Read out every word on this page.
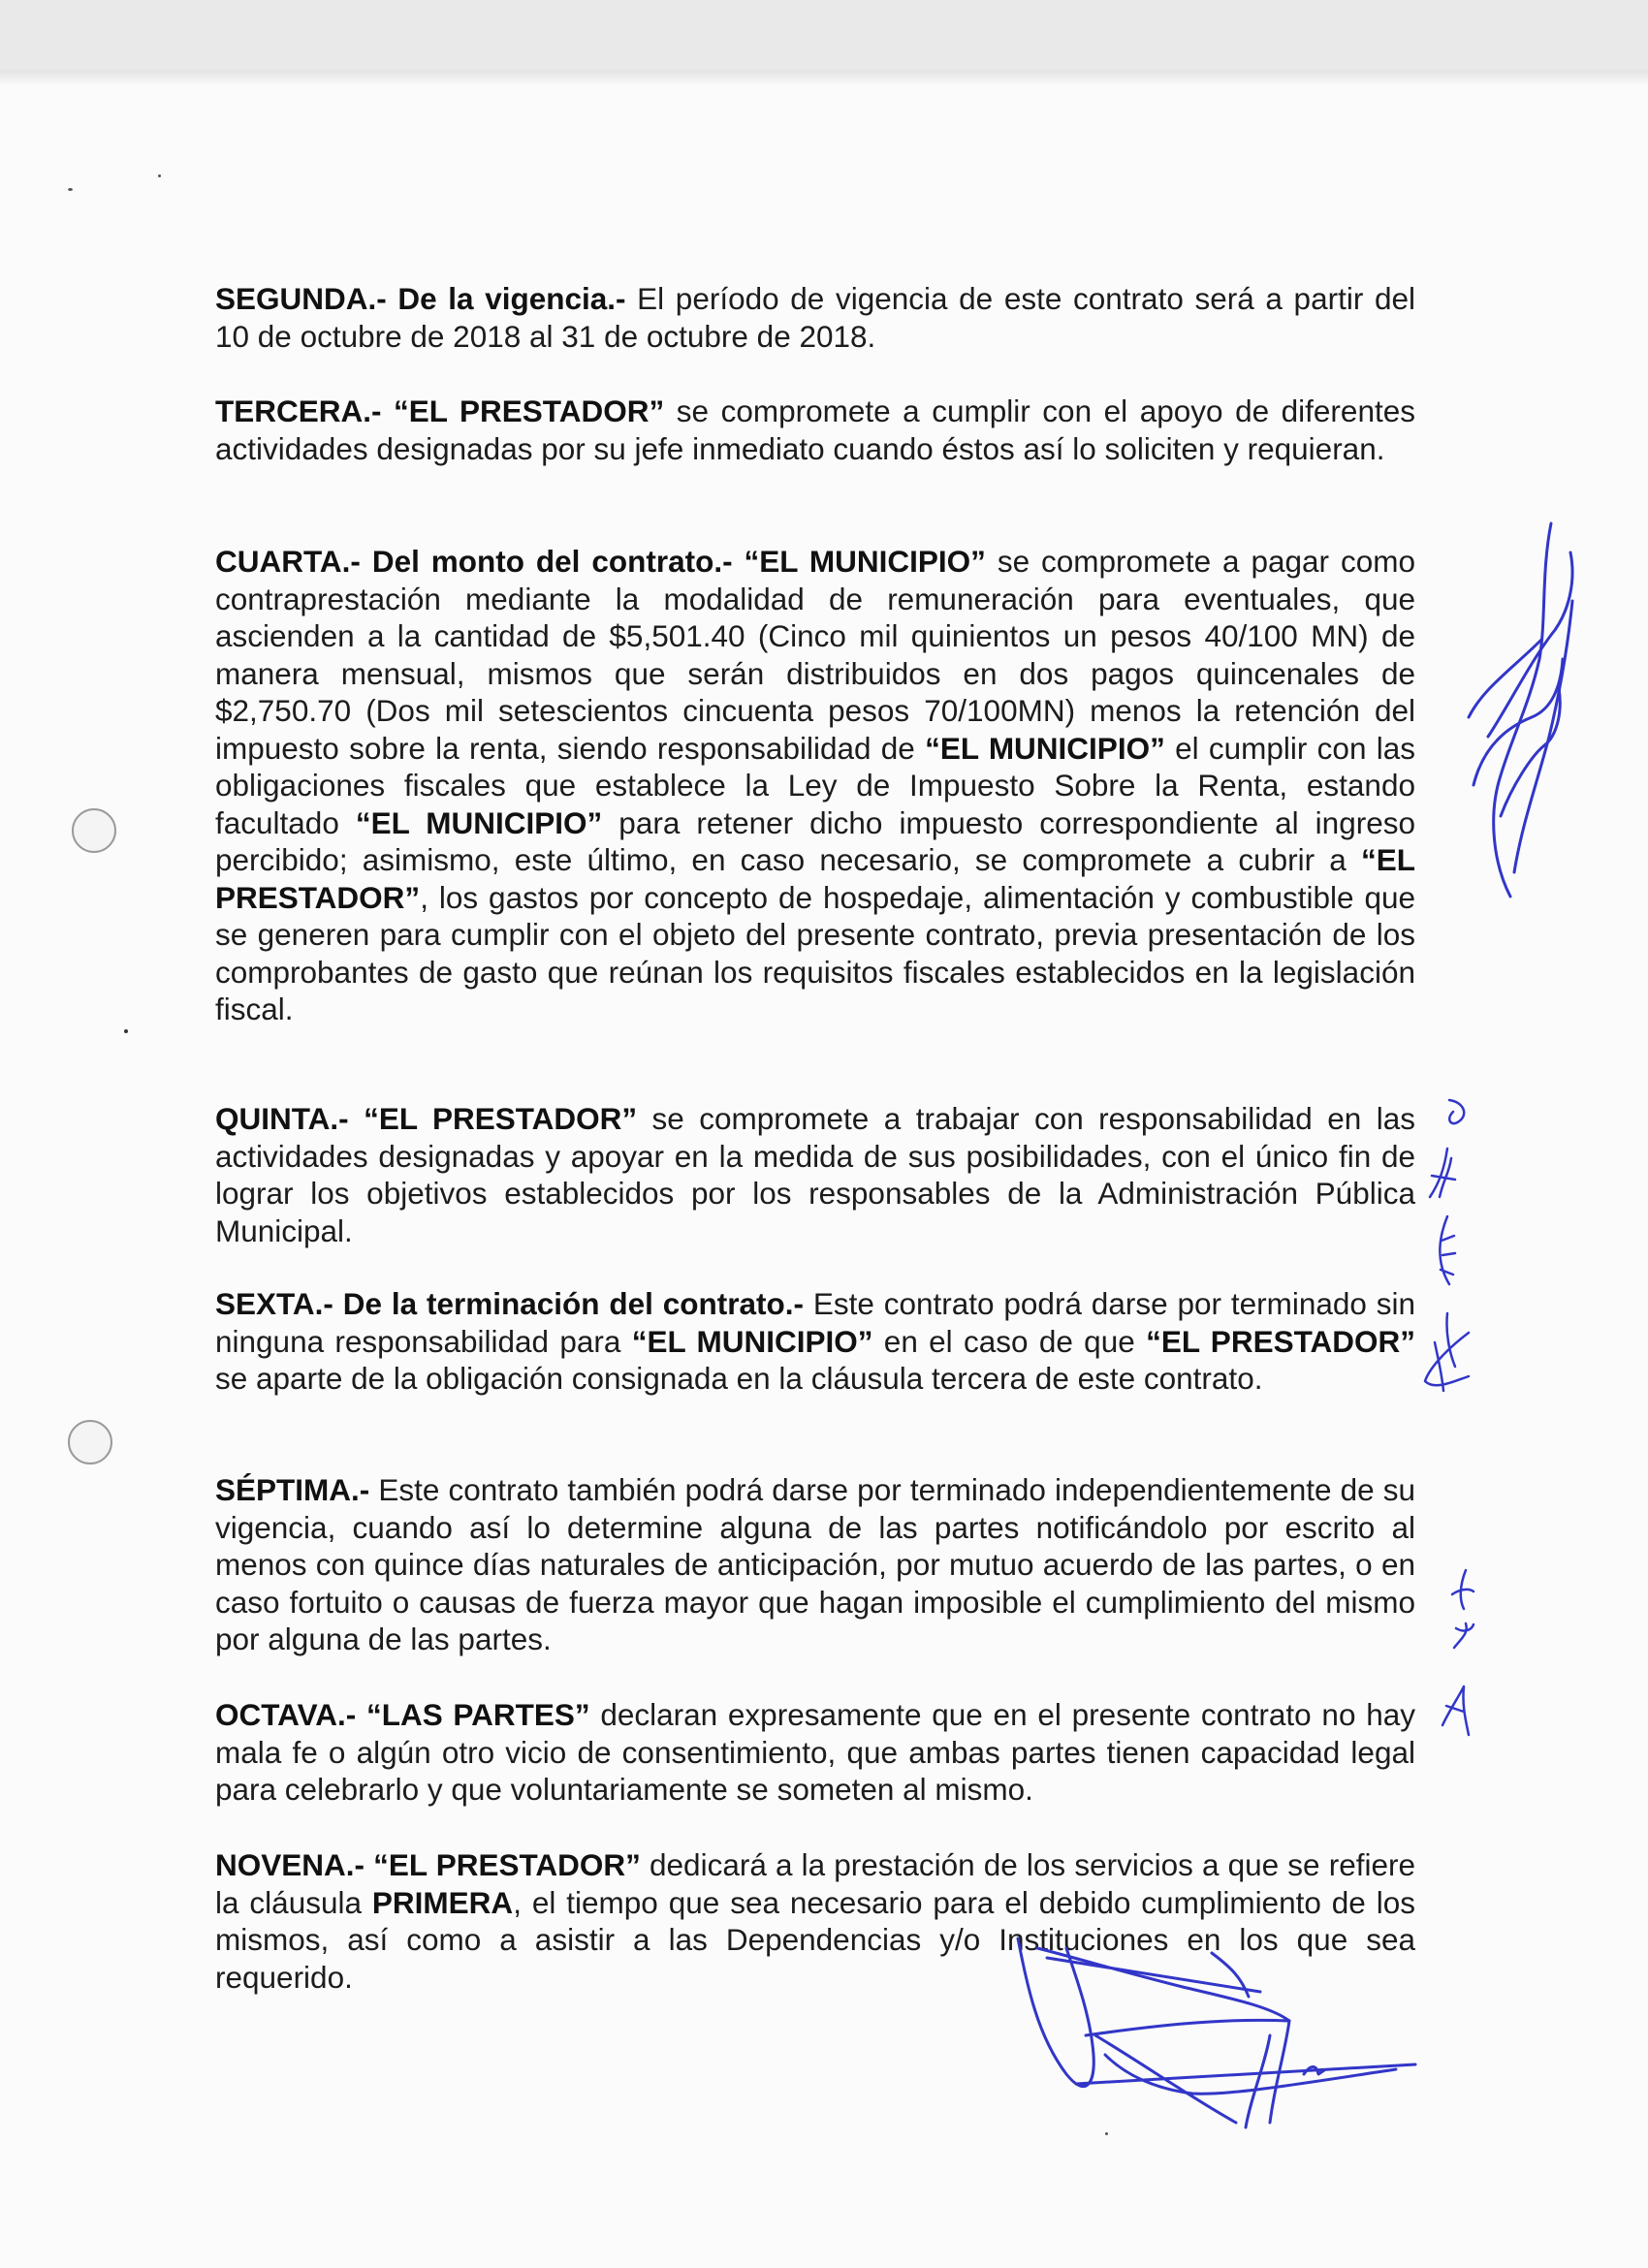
SEGUNDA.- De la vigencia.- El período de vigencia de este contrato será a partir del 10 de octubre de 2018 al 31 de octubre de 2018.

TERCERA.- “EL PRESTADOR” se compromete a cumplir con el apoyo de diferentes actividades designadas por su jefe inmediato cuando éstos así lo soliciten y requieran.

CUARTA.- Del monto del contrato.- “EL MUNICIPIO” se compromete a pagar como contraprestación mediante la modalidad de remuneración para eventuales, que ascienden a la cantidad de $5,501.40 (Cinco mil quinientos un pesos 40/100 MN) de manera mensual, mismos que serán distribuidos en dos pagos quincenales de $2,750.70 (Dos mil setescientos cincuenta pesos 70/100MN) menos la retención del impuesto sobre la renta, siendo responsabilidad de “EL MUNICIPIO” el cumplir con las obligaciones fiscales que establece la Ley de Impuesto Sobre la Renta, estando facultado “EL MUNICIPIO” para retener dicho impuesto correspondiente al ingreso percibido; asimismo, este último, en caso necesario, se compromete a cubrir a “EL PRESTADOR”, los gastos por concepto de hospedaje, alimentación y combustible que se generen para cumplir con el objeto del presente contrato, previa presentación de los comprobantes de gasto que reúnan los requisitos fiscales establecidos en la legislación fiscal.

QUINTA.- “EL PRESTADOR” se compromete a trabajar con responsabilidad en las actividades designadas y apoyar en la medida de sus posibilidades, con el único fin de lograr los objetivos establecidos por los responsables de la Administración Pública Municipal.

SEXTA.- De la terminación del contrato.- Este contrato podrá darse por terminado sin ninguna responsabilidad para “EL MUNICIPIO” en el caso de que “EL PRESTADOR” se aparte de la obligación consignada en la cláusula tercera de este contrato.

SÉPTIMA.- Este contrato también podrá darse por terminado independientemente de su vigencia, cuando así lo determine alguna de las partes notificándolo por escrito al menos con quince días naturales de anticipación, por mutuo acuerdo de las partes, o en caso fortuito o causas de fuerza mayor que hagan imposible el cumplimiento del mismo por alguna de las partes.

OCTAVA.- “LAS PARTES” declaran expresamente que en el presente contrato no hay mala fe o algún otro vicio de consentimiento, que ambas partes tienen capacidad legal para celebrarlo y que voluntariamente se someten al mismo.

NOVENA.- “EL PRESTADOR” dedicará a la prestación de los servicios a que se refiere la cláusula PRIMERA, el tiempo que sea necesario para el debido cumplimiento de los mismos, así como a asistir a las Dependencias y/o Instituciones en los que sea requerido.
